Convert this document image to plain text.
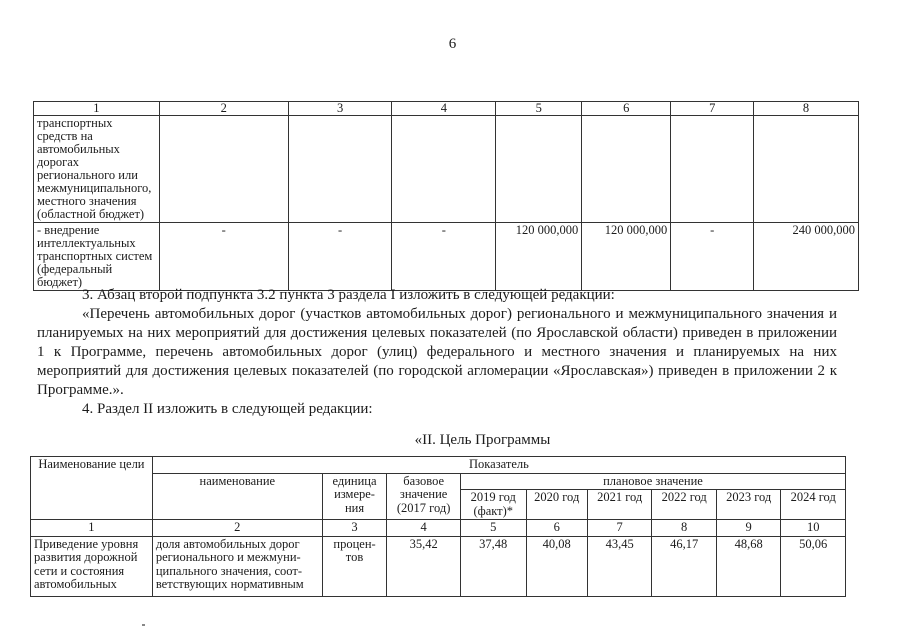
6
1	2	3	4	5	6	7	8
транспортных средств на автомобильных дорогах регионального или межмуниципального, местного значения (областной бюджет)							
- внедрение интеллектуальных транспортных систем (федеральный бюджет)	-	-	-	120 000,000	120 000,000	-	240 000,000
3. Абзац второй подпункта 3.2 пункта 3 раздела I изложить в следующей редакции:
«Перечень автомобильных дорог (участков автомобильных дорог) регионального и межмуниципального значения и планируемых на них мероприятий для достижения целевых показателей (по Ярославской области) приведен в приложении 1 к Программе, перечень автомобильных дорог (улиц) федерального и местного значения и планируемых на них мероприятий для достижения целевых показателей (по городской агломерации «Ярославская») приведен в приложении 2 к Программе.».
4. Раздел II изложить в следующей редакции:
«II. Цель Программы
Наименование цели	Показатель								
	наименование	единица измере-ния	базовое значение (2017 год)	плановое значение					
				2019 год (факт)*	2020 год	2021 год	2022 год	2023 год	2024 год
1	2	3	4	5	6	7	8	9	10
Приведение уровня развития дорожной сети и состояния автомобильных	доля автомобильных дорог регионального и межмуни-ципального значения, соот-ветствующих нормативным	процен-тов	35,42	37,48	40,08	43,45	46,17	48,68	50,06
